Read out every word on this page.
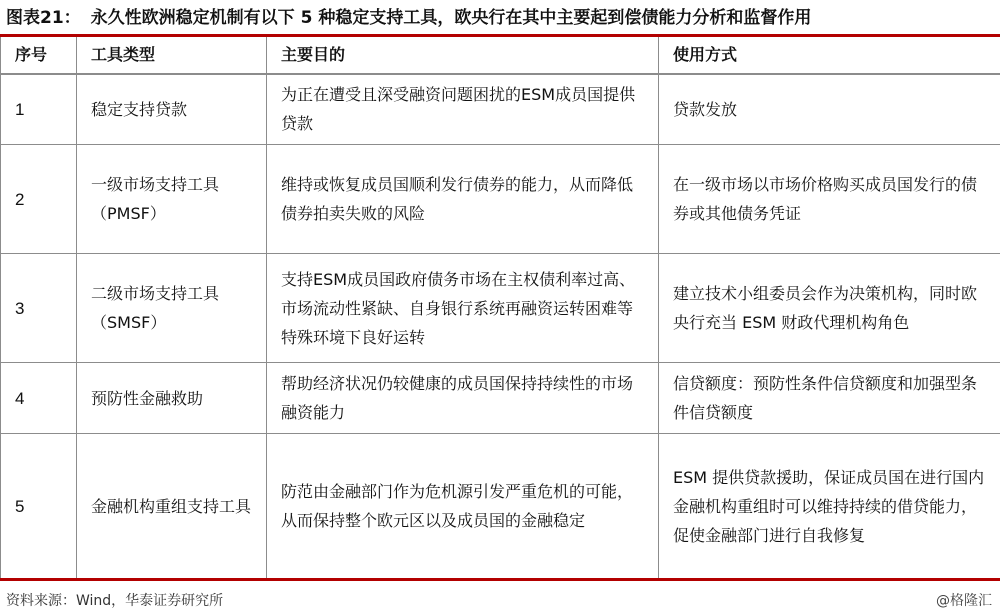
图表21： 永久性欧洲稳定机制有以下 5 种稳定支持工具，欧央行在其中主要起到偿债能力分析和监督作用
序号	工具类型	主要目的	使用方式
1	稳定支持贷款	为正在遭受且深受融资问题困扰的ESM成员国提供贷款	贷款发放
2	一级市场支持工具（PMSF）	维持或恢复成员国顺利发行债券的能力，从而降低债券拍卖失败的风险	在一级市场以市场价格购买成员国发行的债券或其他债务凭证
3	二级市场支持工具　　（SMSF）	支持ESM成员国政府债务市场在主权债利率过高、市场流动性紧缺、自身银行系统再融资运转困难等特殊环境下良好运转	建立技术小组委员会作为决策机构，同时欧央行充当 ESM 财政代理机构角色
4	预防性金融救助	帮助经济状况仍较健康的成员国保持持续性的市场融资能力	信贷额度：预防性条件信贷额度和加强型条件信贷额度
5	金融机构重组支持工具	防范由金融部门作为危机源引发严重危机的可能，从而保持整个欧元区以及成员国的金融稳定	ESM 提供贷款援助，保证成员国在进行国内金融机构重组时可以维持持续的借贷能力，促使金融部门进行自我修复
资料来源：Wind，华泰证券研究所	@格隆汇
